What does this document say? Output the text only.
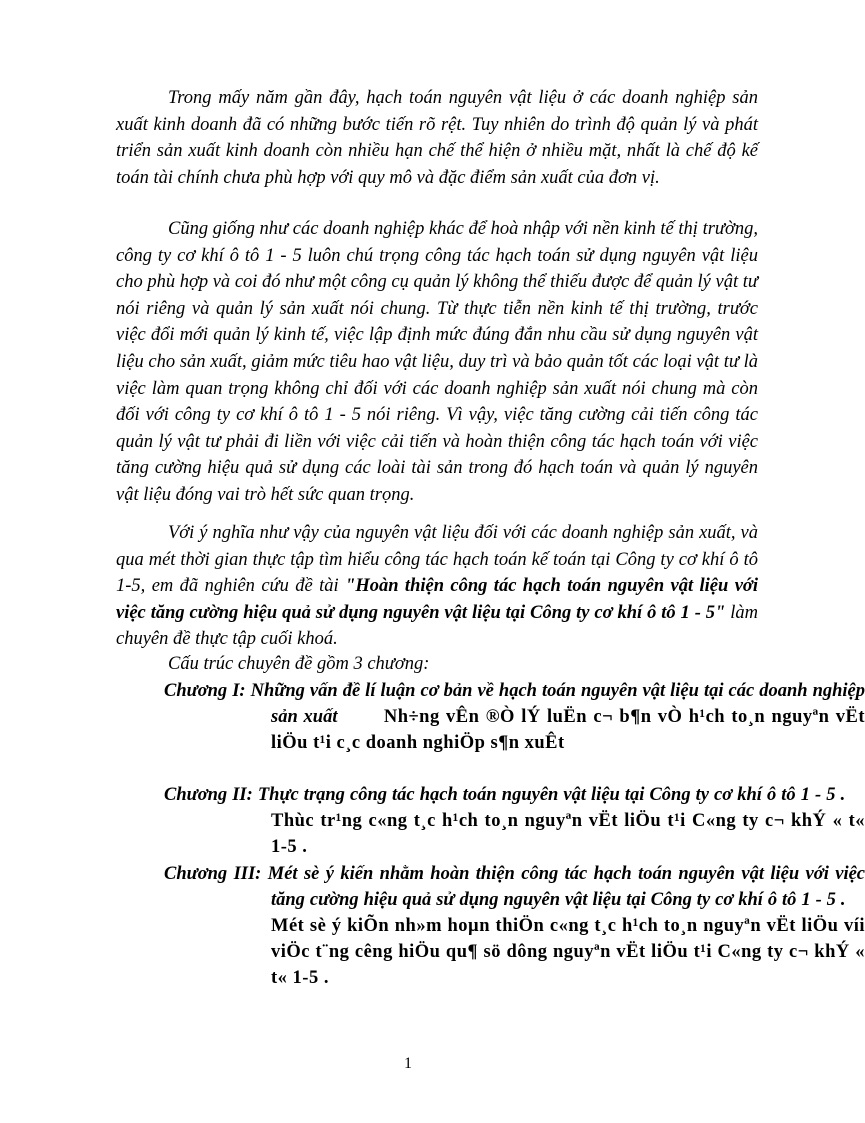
Trong mấy năm gần đây, hạch toán nguyên vật liệu ở các doanh nghiệp sản xuất kinh doanh đã có những bước tiến rõ rệt. Tuy nhiên do trình độ quản lý và phát triển sản xuất kinh doanh còn nhiều hạn chế thể hiện ở nhiều mặt, nhất là chế độ kế toán tài chính chưa phù hợp với quy mô và đặc điểm sản xuất của đơn vị.

Cũng giống như các doanh nghiệp khác để hoà nhập với nền kinh tế thị trường, công ty cơ khí ô tô 1 - 5 luôn chú trọng công tác hạch toán sử dụng nguyên vật liệu cho phù hợp và coi đó như một công cụ quản lý không thể thiếu được để quản lý vật tư nói riêng và quản lý sản xuất nói chung. Từ thực tiễn nền kinh tế thị trường, trước việc đổi mới quản lý kinh tế, việc lập định mức đúng đắn nhu cầu sử dụng nguyên vật liệu cho sản xuất, giảm mức tiêu hao vật liệu, duy trì và bảo quản tốt các loại vật tư là việc làm quan trọng không chỉ đối với các doanh nghiệp sản xuất nói chung mà còn đối với công ty cơ khí ô tô 1 - 5 nói riêng. Vì vậy, việc tăng cường cải tiến công tác quản lý vật tư phải đi liền với việc cải tiến và hoàn thiện công tác hạch toán với việc tăng cường hiệu quả sử dụng các loài tài sản trong đó hạch toán và quản lý nguyên vật liệu đóng vai trò hết sức quan trọng.

Với ý nghĩa như vậy của nguyên vật liệu đối với các doanh nghiệp sản xuất, và qua mét thời gian thực tập tìm hiểu công tác hạch toán kế toán tại Công ty cơ khí ô tô 1-5, em đã nghiên cứu đề tài "Hoàn thiện công tác hạch toán nguyên vật liệu với việc tăng cường hiệu quả sử dụng nguyên vật liệu tại Công ty cơ khí ô tô 1 - 5" làm chuyên đề thực tập cuối khoá.

Cấu trúc chuyên đề gồm 3 chương:

Chương I: Những vấn đề lí luận cơ bản về hạch toán nguyên vật liệu tại các doanh nghiệp sản xuất	Nh÷ng vÊn ®Ò lÝ luËn c¬ b¶n vÒ h¹ch to¸n nguyªn vËt liÖu t¹i c¸c doanh nghiÖp s¶n xuÊt

Chương II: Thực trạng công tác hạch toán nguyên vật liệu tại Công ty cơ khí ô tô 1 - 5 .     Thùc tr¹ng c«ng t¸c h¹ch to¸n nguyªn vËt liÖu t¹i C«ng ty c¬ khÝ « t« 1-5 .

Chương III: Mét sè ý kiến nhằm hoàn thiện công tác hạch toán nguyên vật liệu với việc tăng cường hiệu quả sử dụng nguyên vật liệu tại Công ty cơ khí ô tô 1 - 5 .     Mét sè ý kiÕn nh»m hoµn thiÖn c«ng t¸c h¹ch to¸n nguyªn vËt liÖu víi viÖc t¨ng cêng hiÖu qu¶ sö dông nguyªn vËt liÖu t¹i C«ng ty c¬ khÝ « t« 1-5 .

1
